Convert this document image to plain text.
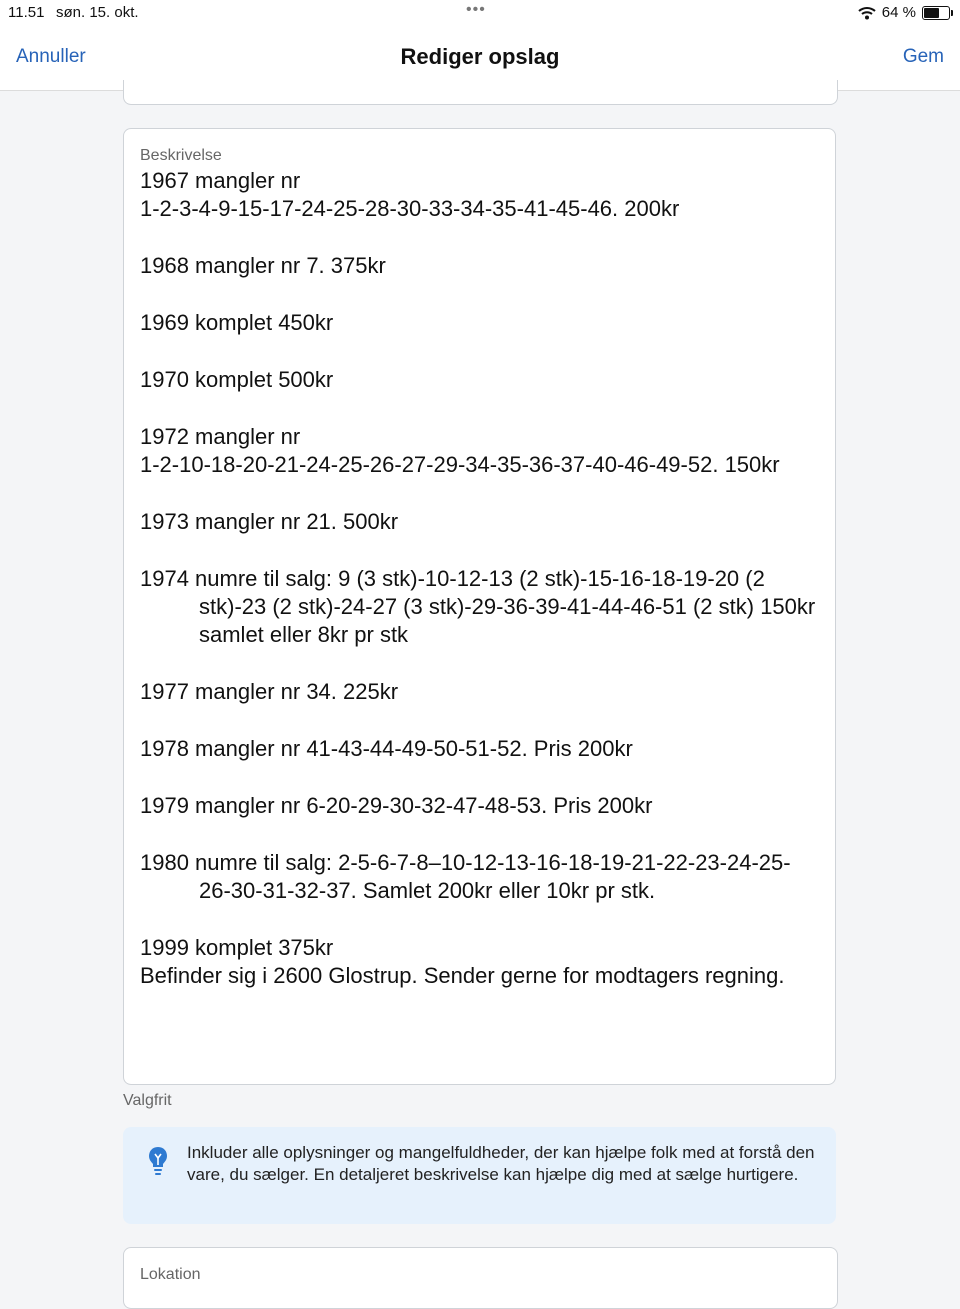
11.51 søn. 15. okt.	•••	64 %
Annuller	Rediger opslag	Gem
Beskrivelse

1967 mangler nr

1-2-3-4-9-15-17-24-25-28-30-33-34-35-41-45-46. 200kr

1968 mangler nr 7. 375kr

1969 komplet 450kr

1970 komplet 500kr

1972 mangler nr

1-2-10-18-20-21-24-25-26-27-29-34-35-36-37-40-46-49-52. 150kr

1973 mangler nr 21. 500kr

1974 numre til salg: 9 (3 stk)-10-12-13 (2 stk)-15-16-18-19-20 (2 stk)-23 (2 stk)-24-27 (3 stk)-29-36-39-41-44-46-51 (2 stk) 150kr samlet eller 8kr pr stk

1977 mangler nr 34. 225kr

1978 mangler nr 41-43-44-49-50-51-52. Pris 200kr

1979 mangler nr 6-20-29-30-32-47-48-53. Pris 200kr

1980 numre til salg: 2-5-6-7-8–10-12-13-16-18-19-21-22-23-24-25-26-30-31-32-37. Samlet 200kr eller 10kr pr stk.

1999 komplet 375kr

Befinder sig i 2600 Glostrup. Sender gerne for modtagers regning.

Valgfrit
Inkluder alle oplysninger og mangelfuldheder, der kan hjælpe folk med at forstå den vare, du sælger. En detaljeret beskrivelse kan hjælpe dig med at sælge hurtigere.
Lokation
